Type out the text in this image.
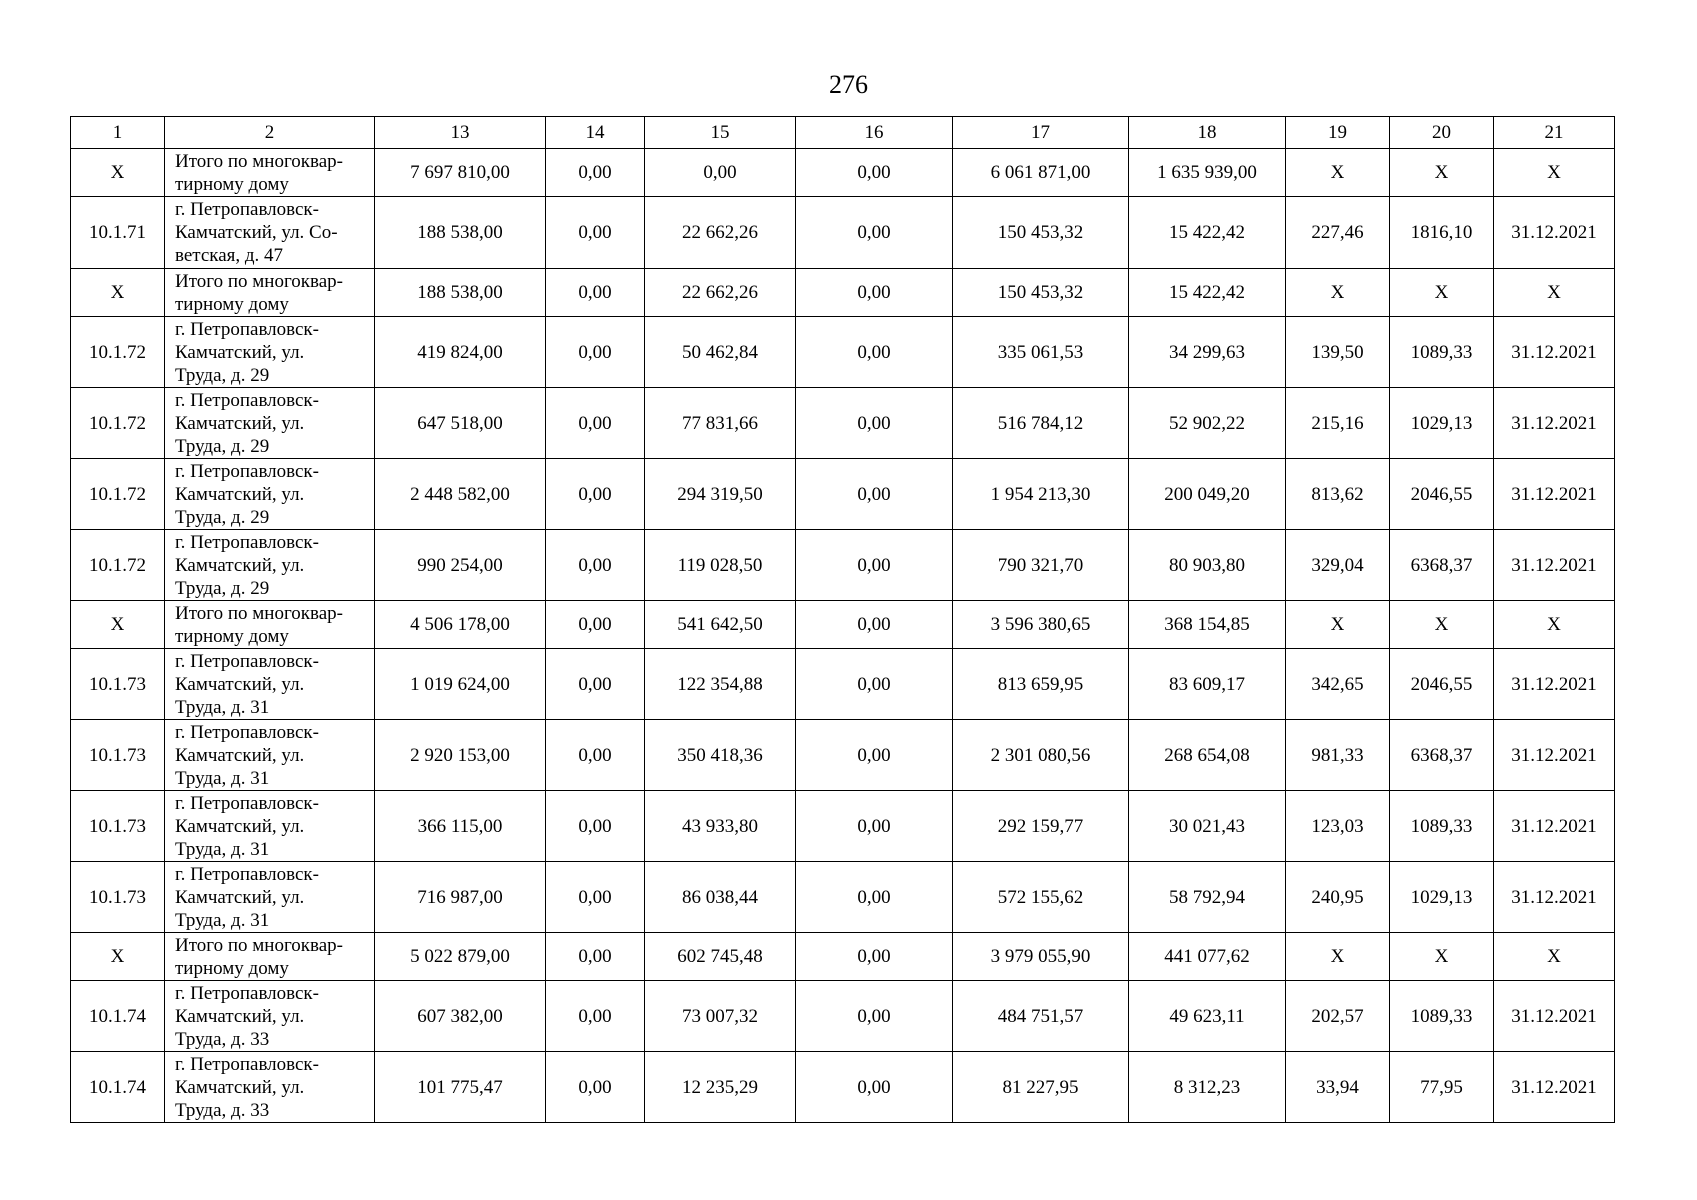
276
1	2	13	14	15	16	17	18	19	20	21
X	Итого по многоквар-
тирному дому	7 697 810,00	0,00	0,00	0,00	6 061 871,00	1 635 939,00	X	X	X
10.1.71	г. Петропавловск-
Камчатский, ул. Со-
ветская, д. 47	188 538,00	0,00	22 662,26	0,00	150 453,32	15 422,42	227,46	1816,10	31.12.2021
X	Итого по многоквар-
тирному дому	188 538,00	0,00	22 662,26	0,00	150 453,32	15 422,42	X	X	X
10.1.72	г. Петропавловск-
Камчатский, ул.
Труда, д. 29	419 824,00	0,00	50 462,84	0,00	335 061,53	34 299,63	139,50	1089,33	31.12.2021
10.1.72	г. Петропавловск-
Камчатский, ул.
Труда, д. 29	647 518,00	0,00	77 831,66	0,00	516 784,12	52 902,22	215,16	1029,13	31.12.2021
10.1.72	г. Петропавловск-
Камчатский, ул.
Труда, д. 29	2 448 582,00	0,00	294 319,50	0,00	1 954 213,30	200 049,20	813,62	2046,55	31.12.2021
10.1.72	г. Петропавловск-
Камчатский, ул.
Труда, д. 29	990 254,00	0,00	119 028,50	0,00	790 321,70	80 903,80	329,04	6368,37	31.12.2021
X	Итого по многоквар-
тирному дому	4 506 178,00	0,00	541 642,50	0,00	3 596 380,65	368 154,85	X	X	X
10.1.73	г. Петропавловск-
Камчатский, ул.
Труда, д. 31	1 019 624,00	0,00	122 354,88	0,00	813 659,95	83 609,17	342,65	2046,55	31.12.2021
10.1.73	г. Петропавловск-
Камчатский, ул.
Труда, д. 31	2 920 153,00	0,00	350 418,36	0,00	2 301 080,56	268 654,08	981,33	6368,37	31.12.2021
10.1.73	г. Петропавловск-
Камчатский, ул.
Труда, д. 31	366 115,00	0,00	43 933,80	0,00	292 159,77	30 021,43	123,03	1089,33	31.12.2021
10.1.73	г. Петропавловск-
Камчатский, ул.
Труда, д. 31	716 987,00	0,00	86 038,44	0,00	572 155,62	58 792,94	240,95	1029,13	31.12.2021
X	Итого по многоквар-
тирному дому	5 022 879,00	0,00	602 745,48	0,00	3 979 055,90	441 077,62	X	X	X
10.1.74	г. Петропавловск-
Камчатский, ул.
Труда, д. 33	607 382,00	0,00	73 007,32	0,00	484 751,57	49 623,11	202,57	1089,33	31.12.2021
10.1.74	г. Петропавловск-
Камчатский, ул.
Труда, д. 33	101 775,47	0,00	12 235,29	0,00	81 227,95	8 312,23	33,94	77,95	31.12.2021
